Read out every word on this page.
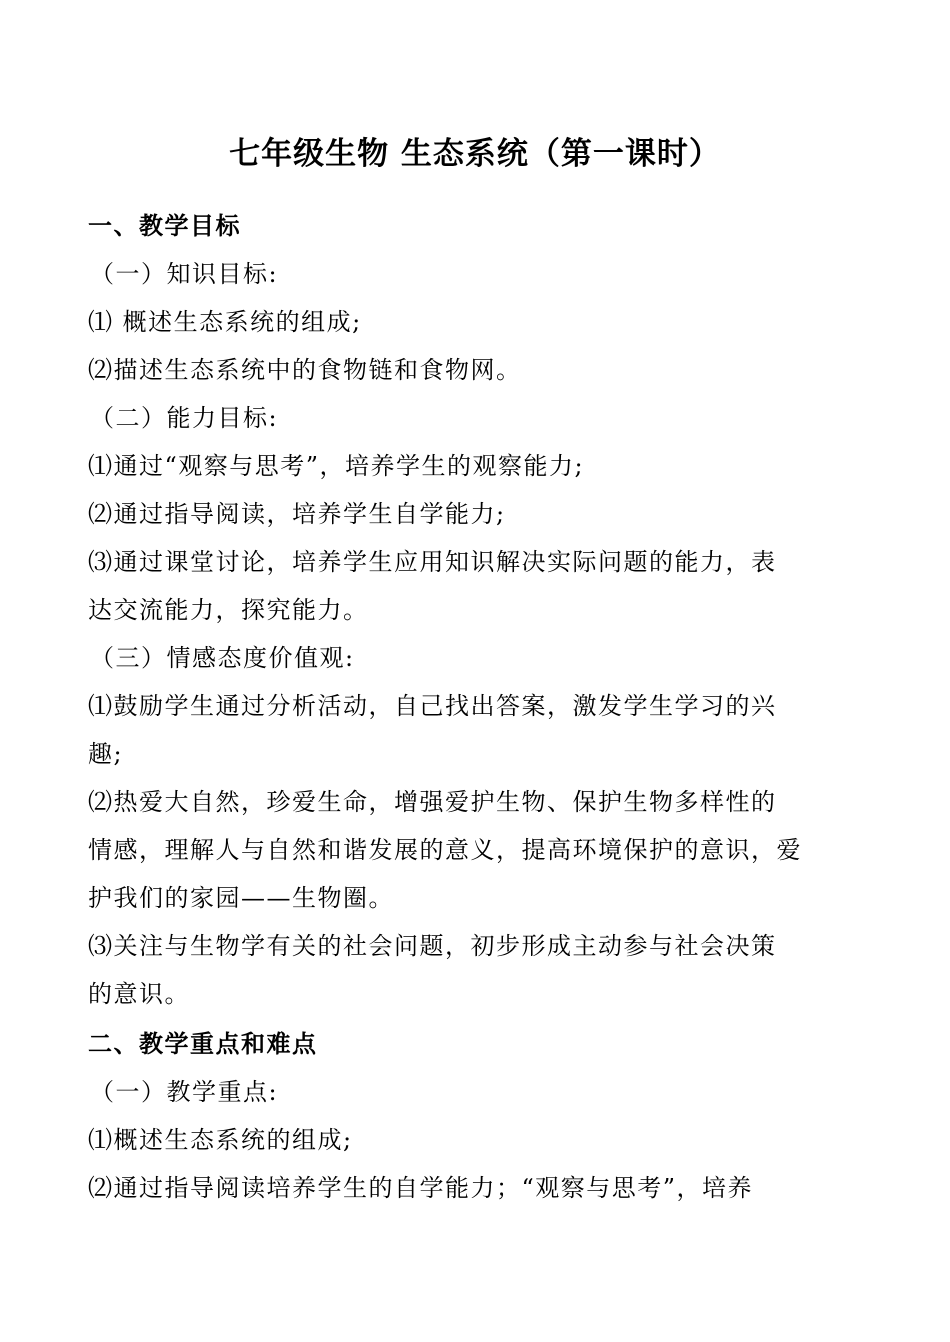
七年级生物 生态系统（第一课时）
一、教学目标
（一）知识目标:
⑴ 概述生态系统的组成;
⑵描述生态系统中的食物链和食物网。
（二）能力目标:
⑴通过“观察与思考”，培养学生的观察能力;
⑵通过指导阅读，培养学生自学能力;
⑶通过课堂讨论，培养学生应用知识解决实际问题的能力，表
达交流能力，探究能力。
（三）情感态度价值观:
⑴鼓励学生通过分析活动，自己找出答案，激发学生学习的兴
趣;
⑵热爱大自然，珍爱生命，增强爱护生物、保护生物多样性的
情感，理解人与自然和谐发展的意义，提高环境保护的意识，爱
护我们的家园——生物圈。
⑶关注与生物学有关的社会问题，初步形成主动参与社会决策
的意识。
二、教学重点和难点
（一）教学重点:
⑴概述生态系统的组成;
⑵通过指导阅读培养学生的自学能力；“观察与思考”，培养
